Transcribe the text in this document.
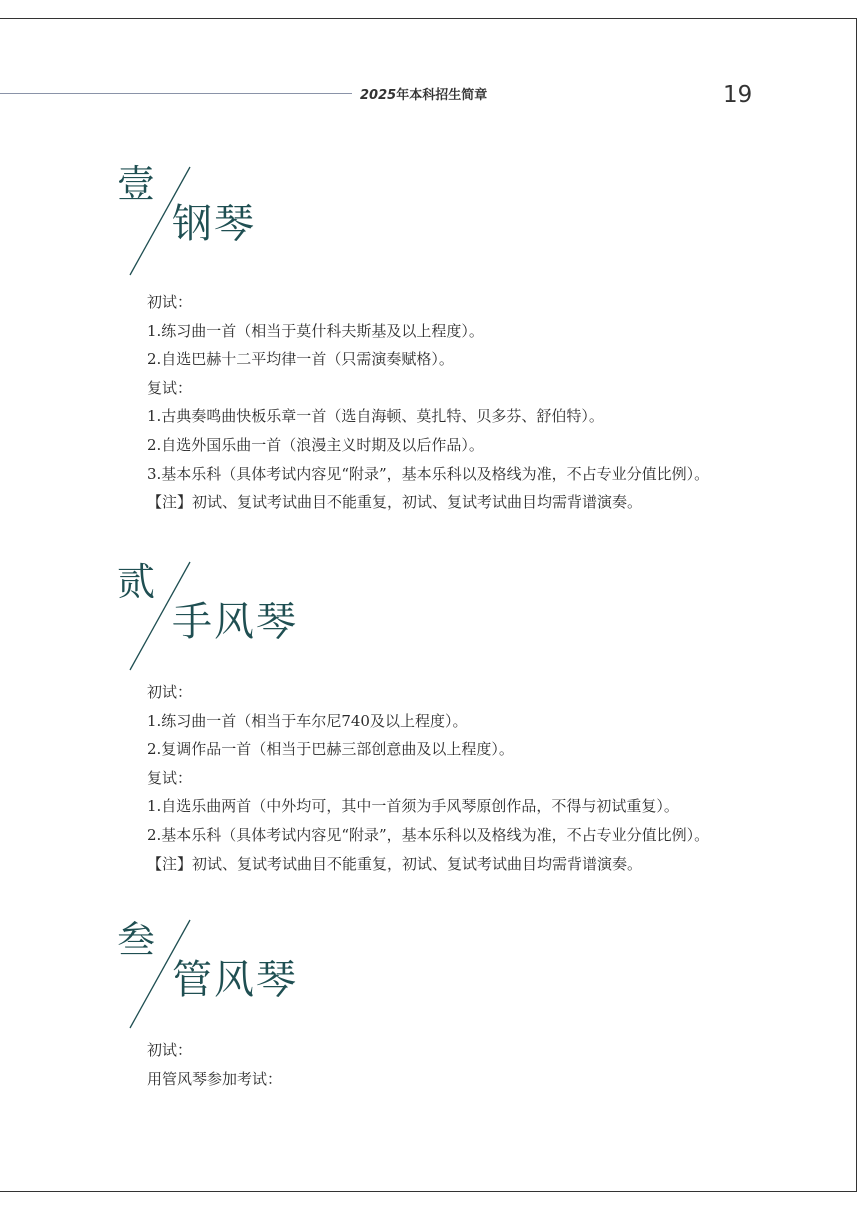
2025年本科招生简章	19
壹
钢琴
初试：
1.练习曲一首（相当于莫什科夫斯基及以上程度）。
2.自选巴赫十二平均律一首（只需演奏赋格）。
复试：
1.古典奏鸣曲快板乐章一首（选自海顿、莫扎特、贝多芬、舒伯特）。
2.自选外国乐曲一首（浪漫主义时期及以后作品）。
3.基本乐科（具体考试内容见“附录”，基本乐科以及格线为准，不占专业分值比例）。
【注】初试、复试考试曲目不能重复，初试、复试考试曲目均需背谱演奏。
贰
手风琴
初试：
1.练习曲一首（相当于车尔尼740及以上程度）。
2.复调作品一首（相当于巴赫三部创意曲及以上程度）。
复试：
1.自选乐曲两首（中外均可，其中一首须为手风琴原创作品，不得与初试重复）。
2.基本乐科（具体考试内容见“附录”，基本乐科以及格线为准，不占专业分值比例）。
【注】初试、复试考试曲目不能重复，初试、复试考试曲目均需背谱演奏。
叁
管风琴
初试：
用管风琴参加考试：
